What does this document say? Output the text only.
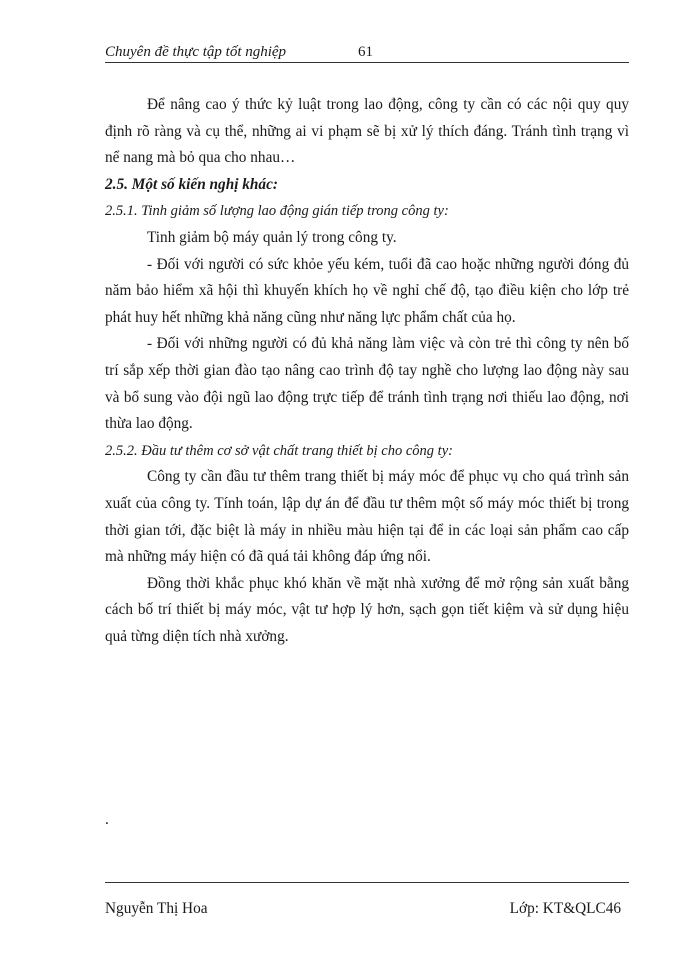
Chuyên đề thực tập tốt nghiệp	61

Để nâng cao ý thức kỷ luật trong lao động, công ty cần có các nội quy quy định rõ ràng và cụ thể, những ai vi phạm sẽ bị xử lý thích đáng. Tránh tình trạng vì nể nang mà bỏ qua cho nhau…

2.5. Một số kiến nghị khác:

2.5.1. Tinh giảm số lượng lao động gián tiếp trong công ty:

Tinh giảm bộ máy quản lý trong công ty.

- Đối với người có sức khỏe yếu kém, tuổi đã cao hoặc những người đóng đủ năm bảo hiểm xã hội thì khuyến khích họ về nghỉ chế độ, tạo điều kiện cho lớp trẻ phát huy hết những khả năng cũng như năng lực phẩm chất của họ.

- Đối với những người có đủ khả năng làm việc và còn trẻ thì công ty nên bố trí sắp xếp thời gian đào tạo nâng cao trình độ tay nghề cho lượng lao động này sau và bổ sung vào đội ngũ lao động trực tiếp để tránh tình trạng nơi thiếu lao động, nơi thừa lao động.

2.5.2. Đầu tư thêm cơ sở vật chất trang thiết bị cho công ty:

Công ty cần đầu tư thêm trang thiết bị máy móc để phục vụ cho quá trình sản xuất của công ty. Tính toán, lập dự án để đầu tư thêm một số máy móc thiết bị trong thời gian tới, đặc biệt là máy in nhiều màu hiện tại để in các loại sản phẩm cao cấp mà những máy hiện có đã quá tải không đáp ứng nổi.

Đồng thời khắc phục khó khăn về mặt nhà xưởng để mở rộng sản xuất bằng cách bố trí thiết bị máy móc, vật tư hợp lý hơn, sạch gọn tiết kiệm và sử dụng hiệu quả từng diện tích nhà xưởng.

.

Nguyễn Thị Hoa	Lớp: KT&QLC46
